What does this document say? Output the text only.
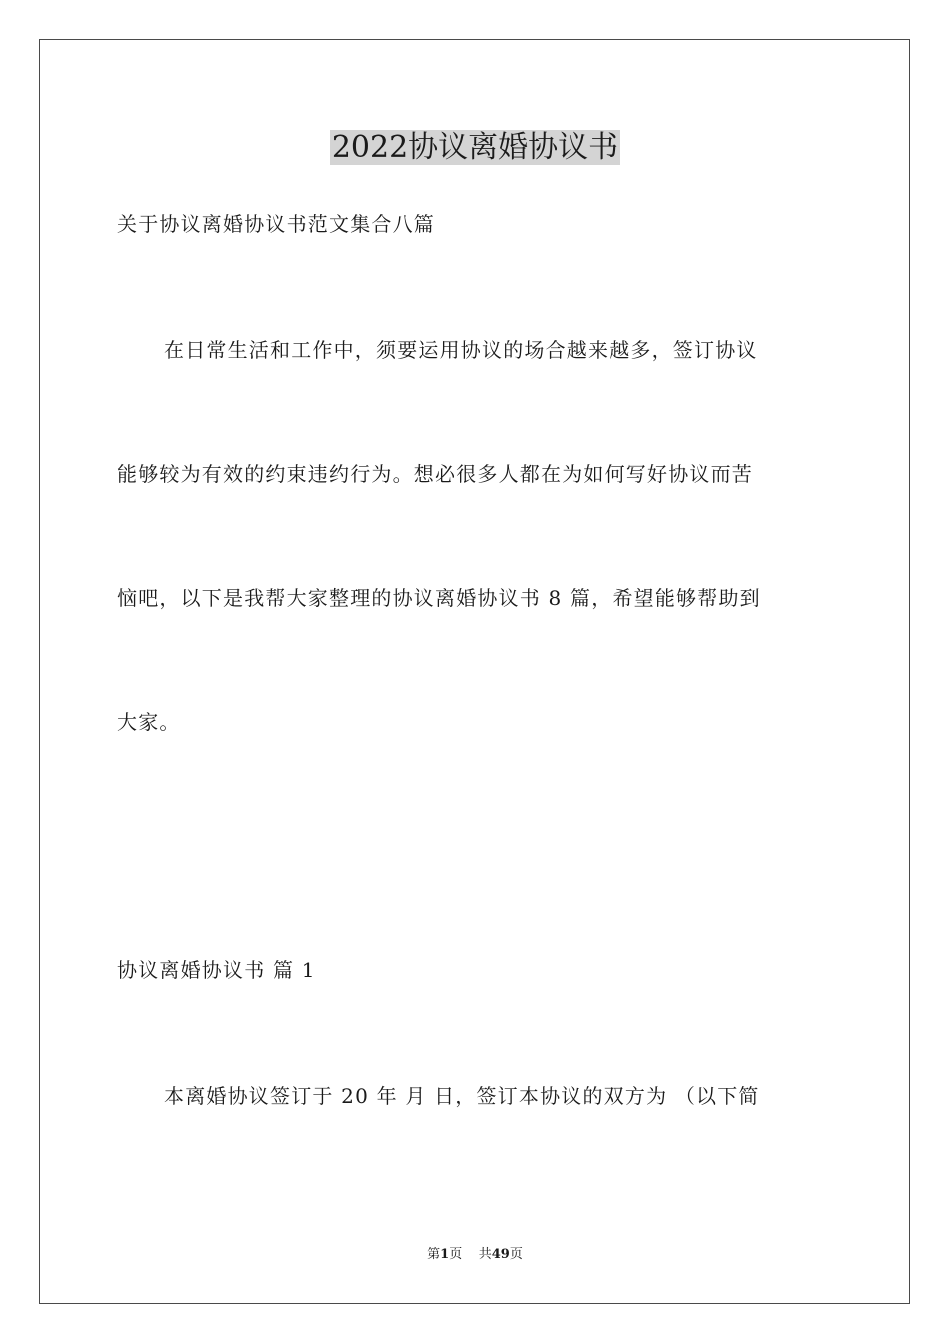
2022协议离婚协议书

关于协议离婚协议书范文集合八篇

在日常生活和工作中，须要运用协议的场合越来越多，签订协议

能够较为有效的约束违约行为。想必很多人都在为如何写好协议而苦

恼吧，以下是我帮大家整理的协议离婚协议书 8 篇，希望能够帮助到

大家。

协议离婚协议书 篇 1

本离婚协议签订于 20 年 月 日，签订本协议的双方为 （以下简

第1页    共49页
